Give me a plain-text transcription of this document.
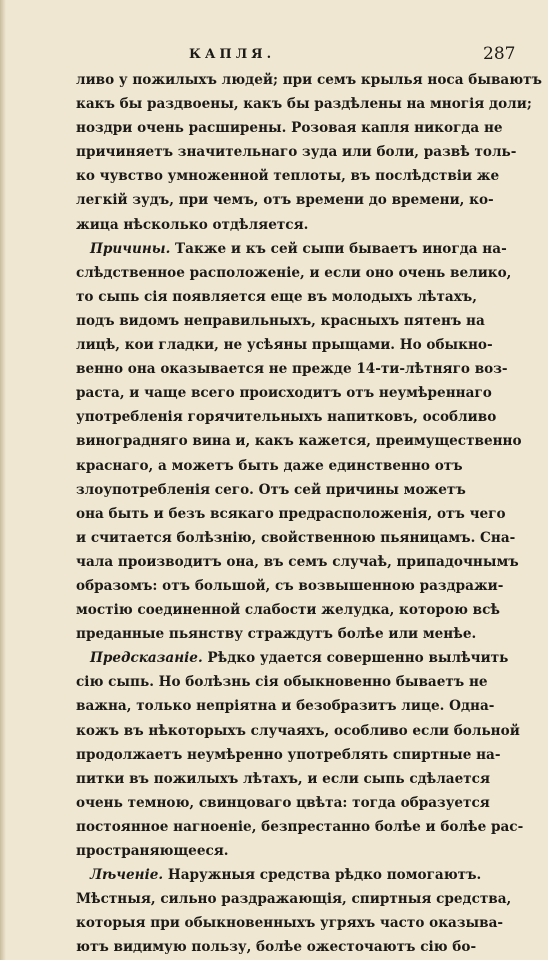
КАПЛЯ.	287
ливо у пожилыхъ людей; при семъ крылья носа бываютъ
какъ бы раздвоены, какъ бы раздѣлены на многія доли;
ноздри очень расширены. Розовая капля никогда не
причиняетъ значительнаго зуда или боли, развѣ толь-
ко чувство умноженной теплоты, въ послѣдствіи же
легкій зудъ, при чемъ, отъ времени до времени, ко-
жица нѣсколько отдѣляется.
Причины. Также и къ сей сыпи бываетъ иногда на-
слѣдственное расположеніе, и если оно очень велико,
то сыпь сія появляется еще въ молодыхъ лѣтахъ,
подъ видомъ неправильныхъ, красныхъ пятенъ на
лицѣ, кои гладки, не усѣяны прыщами. Но обыкно-
венно она оказывается не прежде 14-ти-лѣтняго воз-
раста, и чаще всего происходитъ отъ неумѣреннаго
употребленія горячительныхъ напитковъ, особливо
виноградняго вина и, какъ кажется, преимущественно
краснаго, а можетъ быть даже единственно отъ
злоупотребленія сего. Отъ сей причины можетъ
она быть и безъ всякаго предрасположенія, отъ чего
и считается болѣзнію, свойственною пьяницамъ. Сна-
чала производитъ она, въ семъ случаѣ, припадочнымъ
образомъ: отъ большой, съ возвышенною раздражи-
мостію соединенной слабости желудка, которою всѣ
преданные пьянству страждутъ болѣе или менѣе.
Предсказаніе. Рѣдко удается совершенно вылѣчить
сію сыпь. Но болѣзнь сія обыкновенно бываетъ не
важна, только непріятна и безобразитъ лице. Одна-
кожъ въ нѣкоторыхъ случаяхъ, особливо если больной
продолжаетъ неумѣренно употреблять спиртные на-
питки въ пожилыхъ лѣтахъ, и если сыпь сдѣлается
очень темною, свинцоваго цвѣта: тогда образуется
постоянное нагноеніе, безпрестанно болѣе и болѣе рас-
пространяющееся.
Лѣченіе. Наружныя средства рѣдко помогаютъ.
Мѣстныя, сильно раздражающія, спиртныя средства,
которыя при обыкновенныхъ угряхъ часто оказыва-
ютъ видимую пользу, болѣе ожесточаютъ сію бо-
